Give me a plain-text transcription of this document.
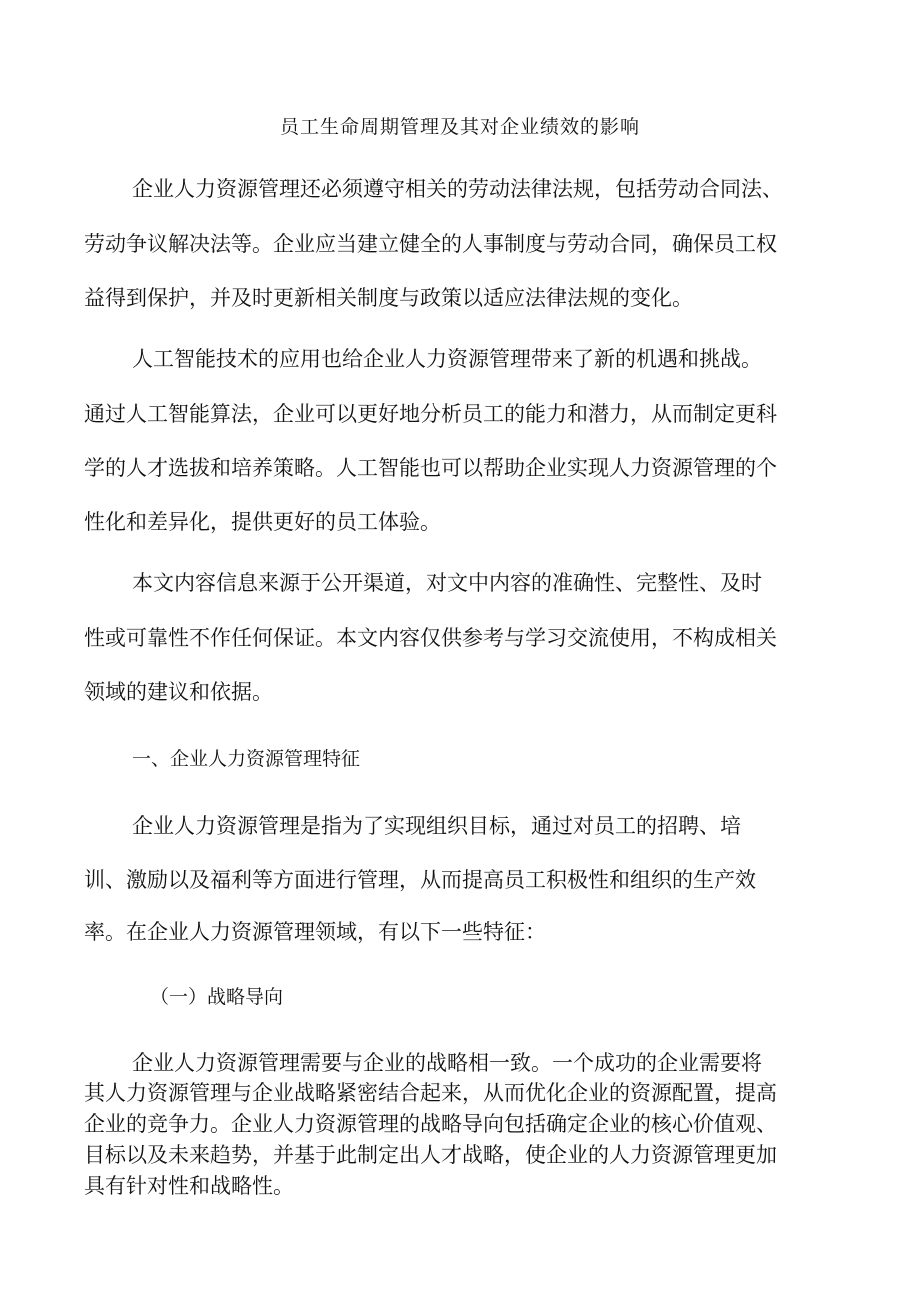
员工生命周期管理及其对企业绩效的影响
企业人力资源管理还必须遵守相关的劳动法律法规，包括劳动合同法、
劳动争议解决法等。企业应当建立健全的人事制度与劳动合同，确保员工权
益得到保护，并及时更新相关制度与政策以适应法律法规的变化。
人工智能技术的应用也给企业人力资源管理带来了新的机遇和挑战。
通过人工智能算法，企业可以更好地分析员工的能力和潜力，从而制定更科
学的人才选拔和培养策略。人工智能也可以帮助企业实现人力资源管理的个
性化和差异化，提供更好的员工体验。
本文内容信息来源于公开渠道，对文中内容的准确性、完整性、及时
性或可靠性不作任何保证。本文内容仅供参考与学习交流使用，不构成相关
领域的建议和依据。
一、企业人力资源管理特征
企业人力资源管理是指为了实现组织目标，通过对员工的招聘、培
训、激励以及福利等方面进行管理，从而提高员工积极性和组织的生产效
率。在企业人力资源管理领域，有以下一些特征：
（一）战略导向
企业人力资源管理需要与企业的战略相一致。一个成功的企业需要将
其人力资源管理与企业战略紧密结合起来，从而优化企业的资源配置，提高
企业的竞争力。企业人力资源管理的战略导向包括确定企业的核心价值观、
目标以及未来趋势，并基于此制定出人才战略，使企业的人力资源管理更加
具有针对性和战略性。
